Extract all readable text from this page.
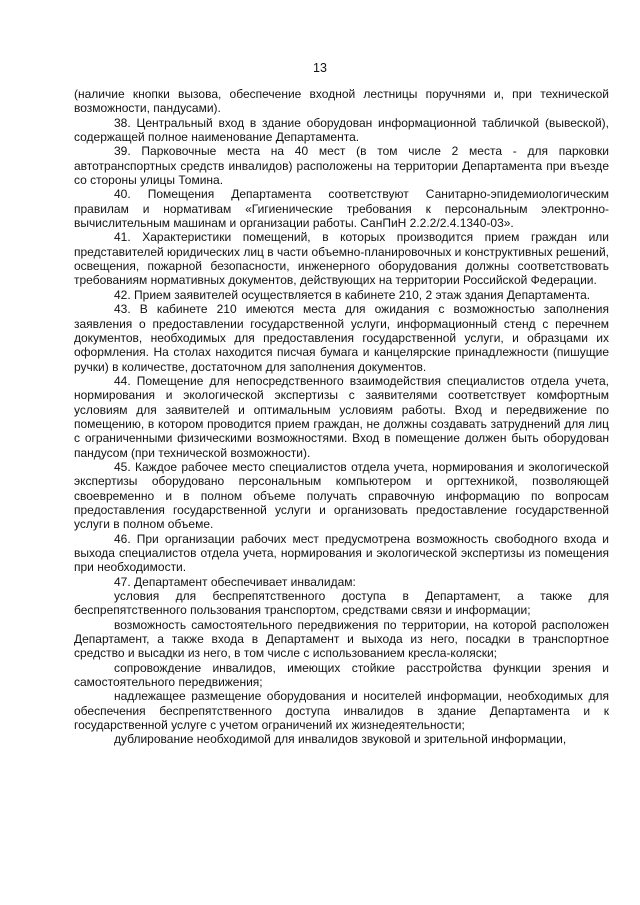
13

(наличие кнопки вызова, обеспечение входной лестницы поручнями и, при технической возможности, пандусами).

38. Центральный вход в здание оборудован информационной табличкой (вывеской), содержащей полное наименование Департамента.

39. Парковочные места на 40 мест (в том числе 2 места - для парковки автотранспортных средств инвалидов) расположены на территории Департамента при въезде со стороны улицы Томина.

40. Помещения Департамента соответствуют Санитарно-эпидемиологическим правилам и нормативам «Гигиенические требования к персональным электронно-вычислительным машинам и организации работы. СанПиН 2.2.2/2.4.1340-03».

41. Характеристики помещений, в которых производится прием граждан или представителей юридических лиц в части объемно-планировочных и конструктивных решений, освещения, пожарной безопасности, инженерного оборудования должны соответствовать требованиям нормативных документов, действующих на территории Российской Федерации.

42. Прием заявителей осуществляется в кабинете 210, 2 этаж здания Департамента.

43. В кабинете 210 имеются места для ожидания с возможностью заполнения заявления о предоставлении государственной услуги, информационный стенд с перечнем документов, необходимых для предоставления государственной услуги, и образцами их оформления. На столах находится писчая бумага и канцелярские принадлежности (пишущие ручки) в количестве, достаточном для заполнения документов.

44. Помещение для непосредственного взаимодействия специалистов отдела учета, нормирования и экологической экспертизы с заявителями соответствует комфортным условиям для заявителей и оптимальным условиям работы. Вход и передвижение по помещению, в котором проводится прием граждан, не должны создавать затруднений для лиц с ограниченными физическими возможностями. Вход в помещение должен быть оборудован пандусом (при технической возможности).

45. Каждое рабочее место специалистов отдела учета, нормирования и экологической экспертизы оборудовано персональным компьютером и оргтехникой, позволяющей своевременно и в полном объеме получать справочную информацию по вопросам предоставления государственной услуги и организовать предоставление государственной услуги в полном объеме.

46. При организации рабочих мест предусмотрена возможность свободного входа и выхода специалистов отдела учета, нормирования и экологической экспертизы из помещения при необходимости.

47. Департамент обеспечивает инвалидам:

условия для беспрепятственного доступа в Департамент, а также для беспрепятственного пользования транспортом, средствами связи и информации;

возможность самостоятельного передвижения по территории, на которой расположен Департамент, а также входа в Департамент и выхода из него, посадки в транспортное средство и высадки из него, в том числе с использованием кресла-коляски;

сопровождение инвалидов, имеющих стойкие расстройства функции зрения и самостоятельного передвижения;

надлежащее размещение оборудования и носителей информации, необходимых для обеспечения беспрепятственного доступа инвалидов в здание Департамента и к государственной услуге с учетом ограничений их жизнедеятельности;

дублирование необходимой для инвалидов звуковой и зрительной информации,
